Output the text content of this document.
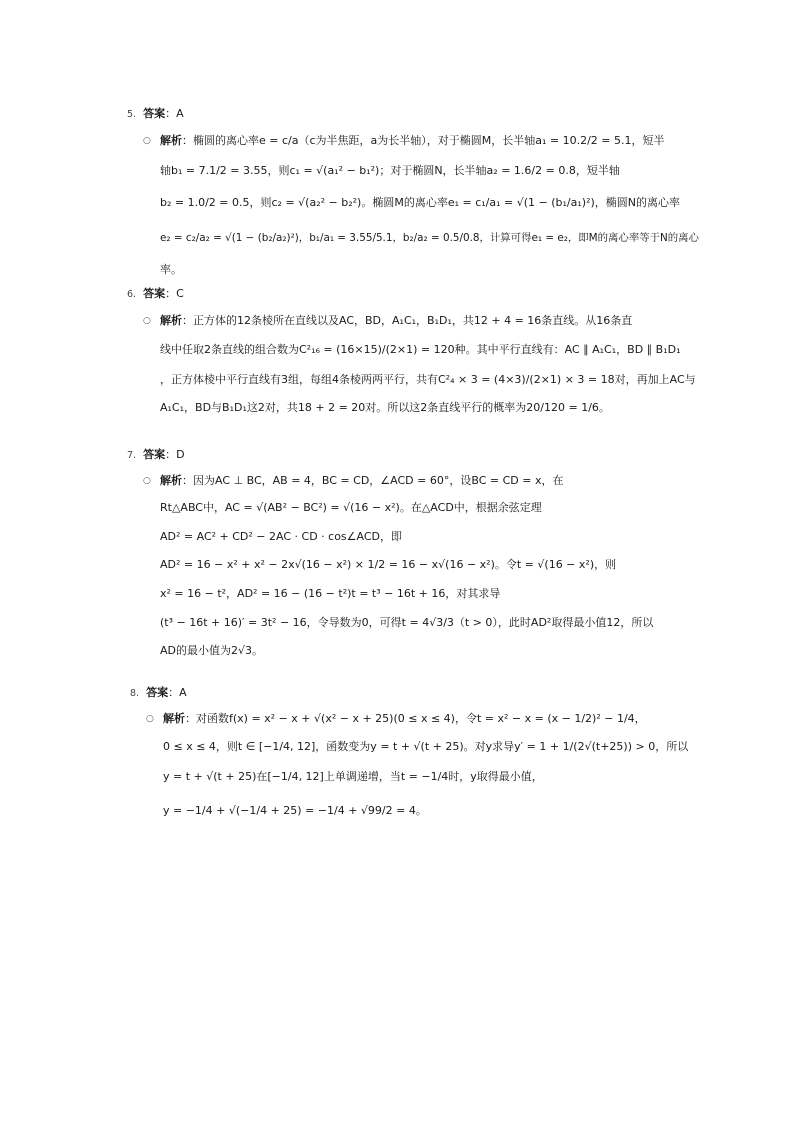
5. 答案：A
○ 解析：椭圆的离心率e = c/a（c为半焦距，a为长半轴），对于椭圆M，长半轴a₁ = 10.2/2 = 5.1，短半
轴b₁ = 7.1/2 = 3.55，则c₁ = √(a₁² − b₁²)；对于椭圆N，长半轴a₂ = 1.6/2 = 0.8，短半轴
b₂ = 1.0/2 = 0.5，则c₂ = √(a₂² − b₂²)。椭圆M的离心率e₁ = c₁/a₁ = √(1 − (b₁/a₁)²)，椭圆N的离心率
e₂ = c₂/a₂ = √(1 − (b₂/a₂)²)，b₁/a₁ = 3.55/5.1，b₂/a₂ = 0.5/0.8，计算可得e₁ = e₂，即M的离心率等于N的离心
率。
6. 答案：C
○ 解析：正方体的12条棱所在直线以及AC，BD，A₁C₁，B₁D₁，共12 + 4 = 16条直线。从16条直
线中任取2条直线的组合数为C²₁₆ = (16×15)/(2×1) = 120种。其中平行直线有：AC ∥ A₁C₁，BD ∥ B₁D₁
，正方体棱中平行直线有3组，每组4条棱两两平行，共有C²₄ × 3 = (4×3)/(2×1) × 3 = 18对，再加上AC与
A₁C₁，BD与B₁D₁这2对，共18 + 2 = 20对。所以这2条直线平行的概率为20/120 = 1/6。
7. 答案：D
○ 解析：因为AC ⊥ BC，AB = 4，BC = CD，∠ACD = 60°，设BC = CD = x，在
Rt△ABC中，AC = √(AB² − BC²) = √(16 − x²)。在△ACD中，根据余弦定理
AD² = AC² + CD² − 2AC · CD · cos∠ACD，即
AD² = 16 − x² + x² − 2x√(16 − x²) × 1/2 = 16 − x√(16 − x²)。令t = √(16 − x²)，则
x² = 16 − t²，AD² = 16 − (16 − t²)t = t³ − 16t + 16，对其求导
(t³ − 16t + 16)′ = 3t² − 16，令导数为0，可得t = 4√3/3（t > 0），此时AD²取得最小值12，所以
AD的最小值为2√3。
8. 答案：A
○ 解析：对函数f(x) = x² − x + √(x² − x + 25)(0 ≤ x ≤ 4)，令t = x² − x = (x − 1/2)² − 1/4，
0 ≤ x ≤ 4，则t ∈ [−1/4, 12]，函数变为y = t + √(t + 25)。对y求导y′ = 1 + 1/(2√(t+25)) > 0，所以
y = t + √(t + 25)在[−1/4, 12]上单调递增，当t = −1/4时，y取得最小值，
y = −1/4 + √(−1/4 + 25) = −1/4 + √99/2 = 4。
